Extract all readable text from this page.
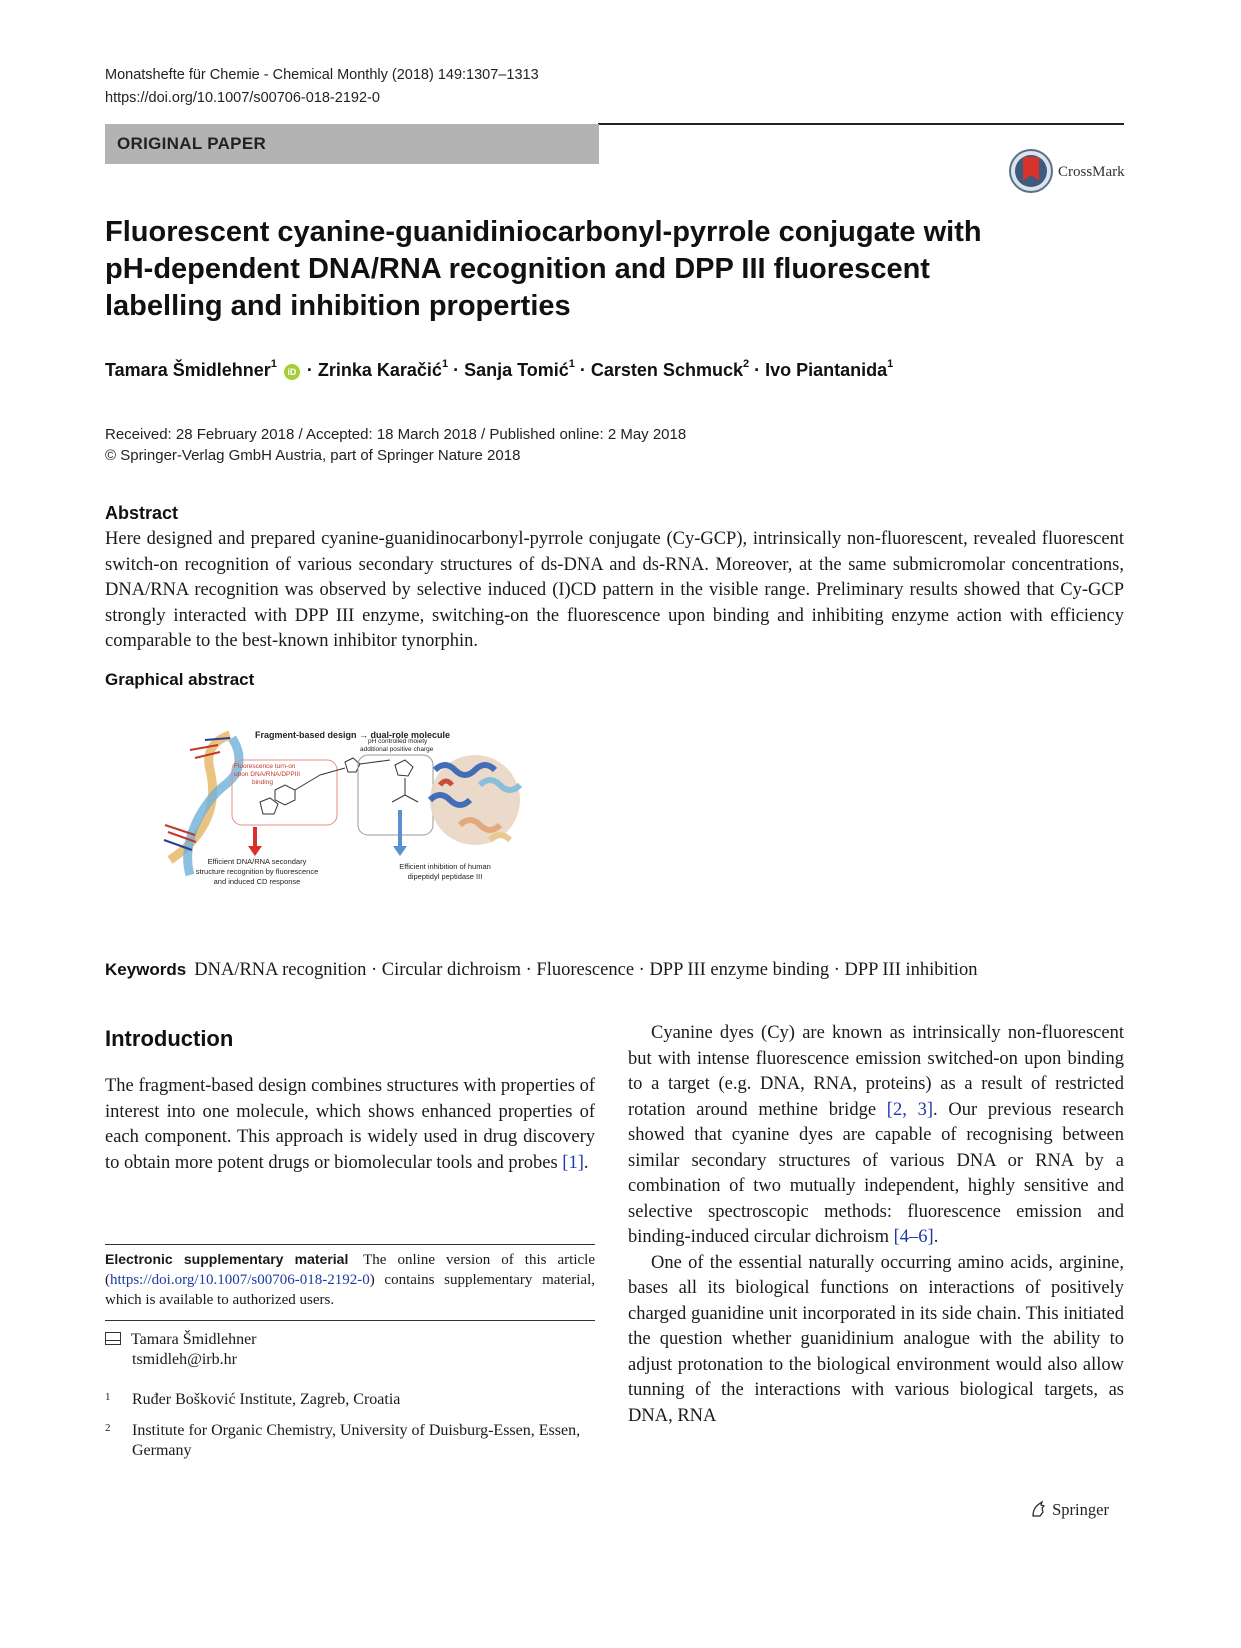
Monatshefte für Chemie - Chemical Monthly (2018) 149:1307–1313
https://doi.org/10.1007/s00706-018-2192-0
ORIGINAL PAPER
CrossMark
Fluorescent cyanine-guanidiniocarbonyl-pyrrole conjugate with pH-dependent DNA/RNA recognition and DPP III fluorescent labelling and inhibition properties
Tamara Šmidlehner$^1$ iD · Zrinka Karačić$^1$ · Sanja Tomić$^1$ · Carsten Schmuck$^2$ · Ivo Piantanida$^1$
Received: 28 February 2018 / Accepted: 18 March 2018 / Published online: 2 May 2018
© Springer-Verlag GmbH Austria, part of Springer Nature 2018
Abstract
Here designed and prepared cyanine-guanidinocarbonyl-pyrrole conjugate (Cy-GCP), intrinsically non-fluorescent, revealed fluorescent switch-on recognition of various secondary structures of ds-DNA and ds-RNA. Moreover, at the same submicromolar concentrations, DNA/RNA recognition was observed by selective induced (I)CD pattern in the visible range. Preliminary results showed that Cy-GCP strongly interacted with DPP III enzyme, switching-on the fluorescence upon binding and inhibiting enzyme action with efficiency comparable to the best-known inhibitor tynorphin.
Graphical abstract
Fragment-based design → dual-role molecule
Fluorescence turn-on
upon DNA/RNA/DPPIII
binding
pH controlled moiety
additional positive charge
Efficient DNA/RNA secondary
structure recognition by fluorescence
and induced CD response
Efficient inhibition of human
dipeptidyl peptidase III
Keywords DNA/RNA recognition · Circular dichroism · Fluorescence · DPP III enzyme binding · DPP III inhibition
Introduction
The fragment-based design combines structures with properties of interest into one molecule, which shows enhanced properties of each component. This approach is widely used in drug discovery to obtain more potent drugs or biomolecular tools and probes [1].
Electronic supplementary material The online version of this article (https://doi.org/10.1007/s00706-018-2192-0) contains supplementary material, which is available to authorized users.
Tamara Šmidlehner
tsmidleh@irb.hr
1 Ruđer Bošković Institute, Zagreb, Croatia
2 Institute for Organic Chemistry, University of Duisburg-Essen, Essen, Germany

Cyanine dyes (Cy) are known as intrinsically non-fluorescent but with intense fluorescence emission switched-on upon binding to a target (e.g. DNA, RNA, proteins) as a result of restricted rotation around methine bridge [2, 3]. Our previous research showed that cyanine dyes are capable of recognising between similar secondary structures of various DNA or RNA by a combination of two mutually independent, highly sensitive and selective spectroscopic methods: fluorescence emission and binding-induced circular dichroism [4–6].

One of the essential naturally occurring amino acids, arginine, bases all its biological functions on interactions of positively charged guanidine unit incorporated in its side chain. This initiated the question whether guanidinium analogue with the ability to adjust protonation to the biological environment would also allow tunning of the interactions with various biological targets, as DNA, RNA

Springer
